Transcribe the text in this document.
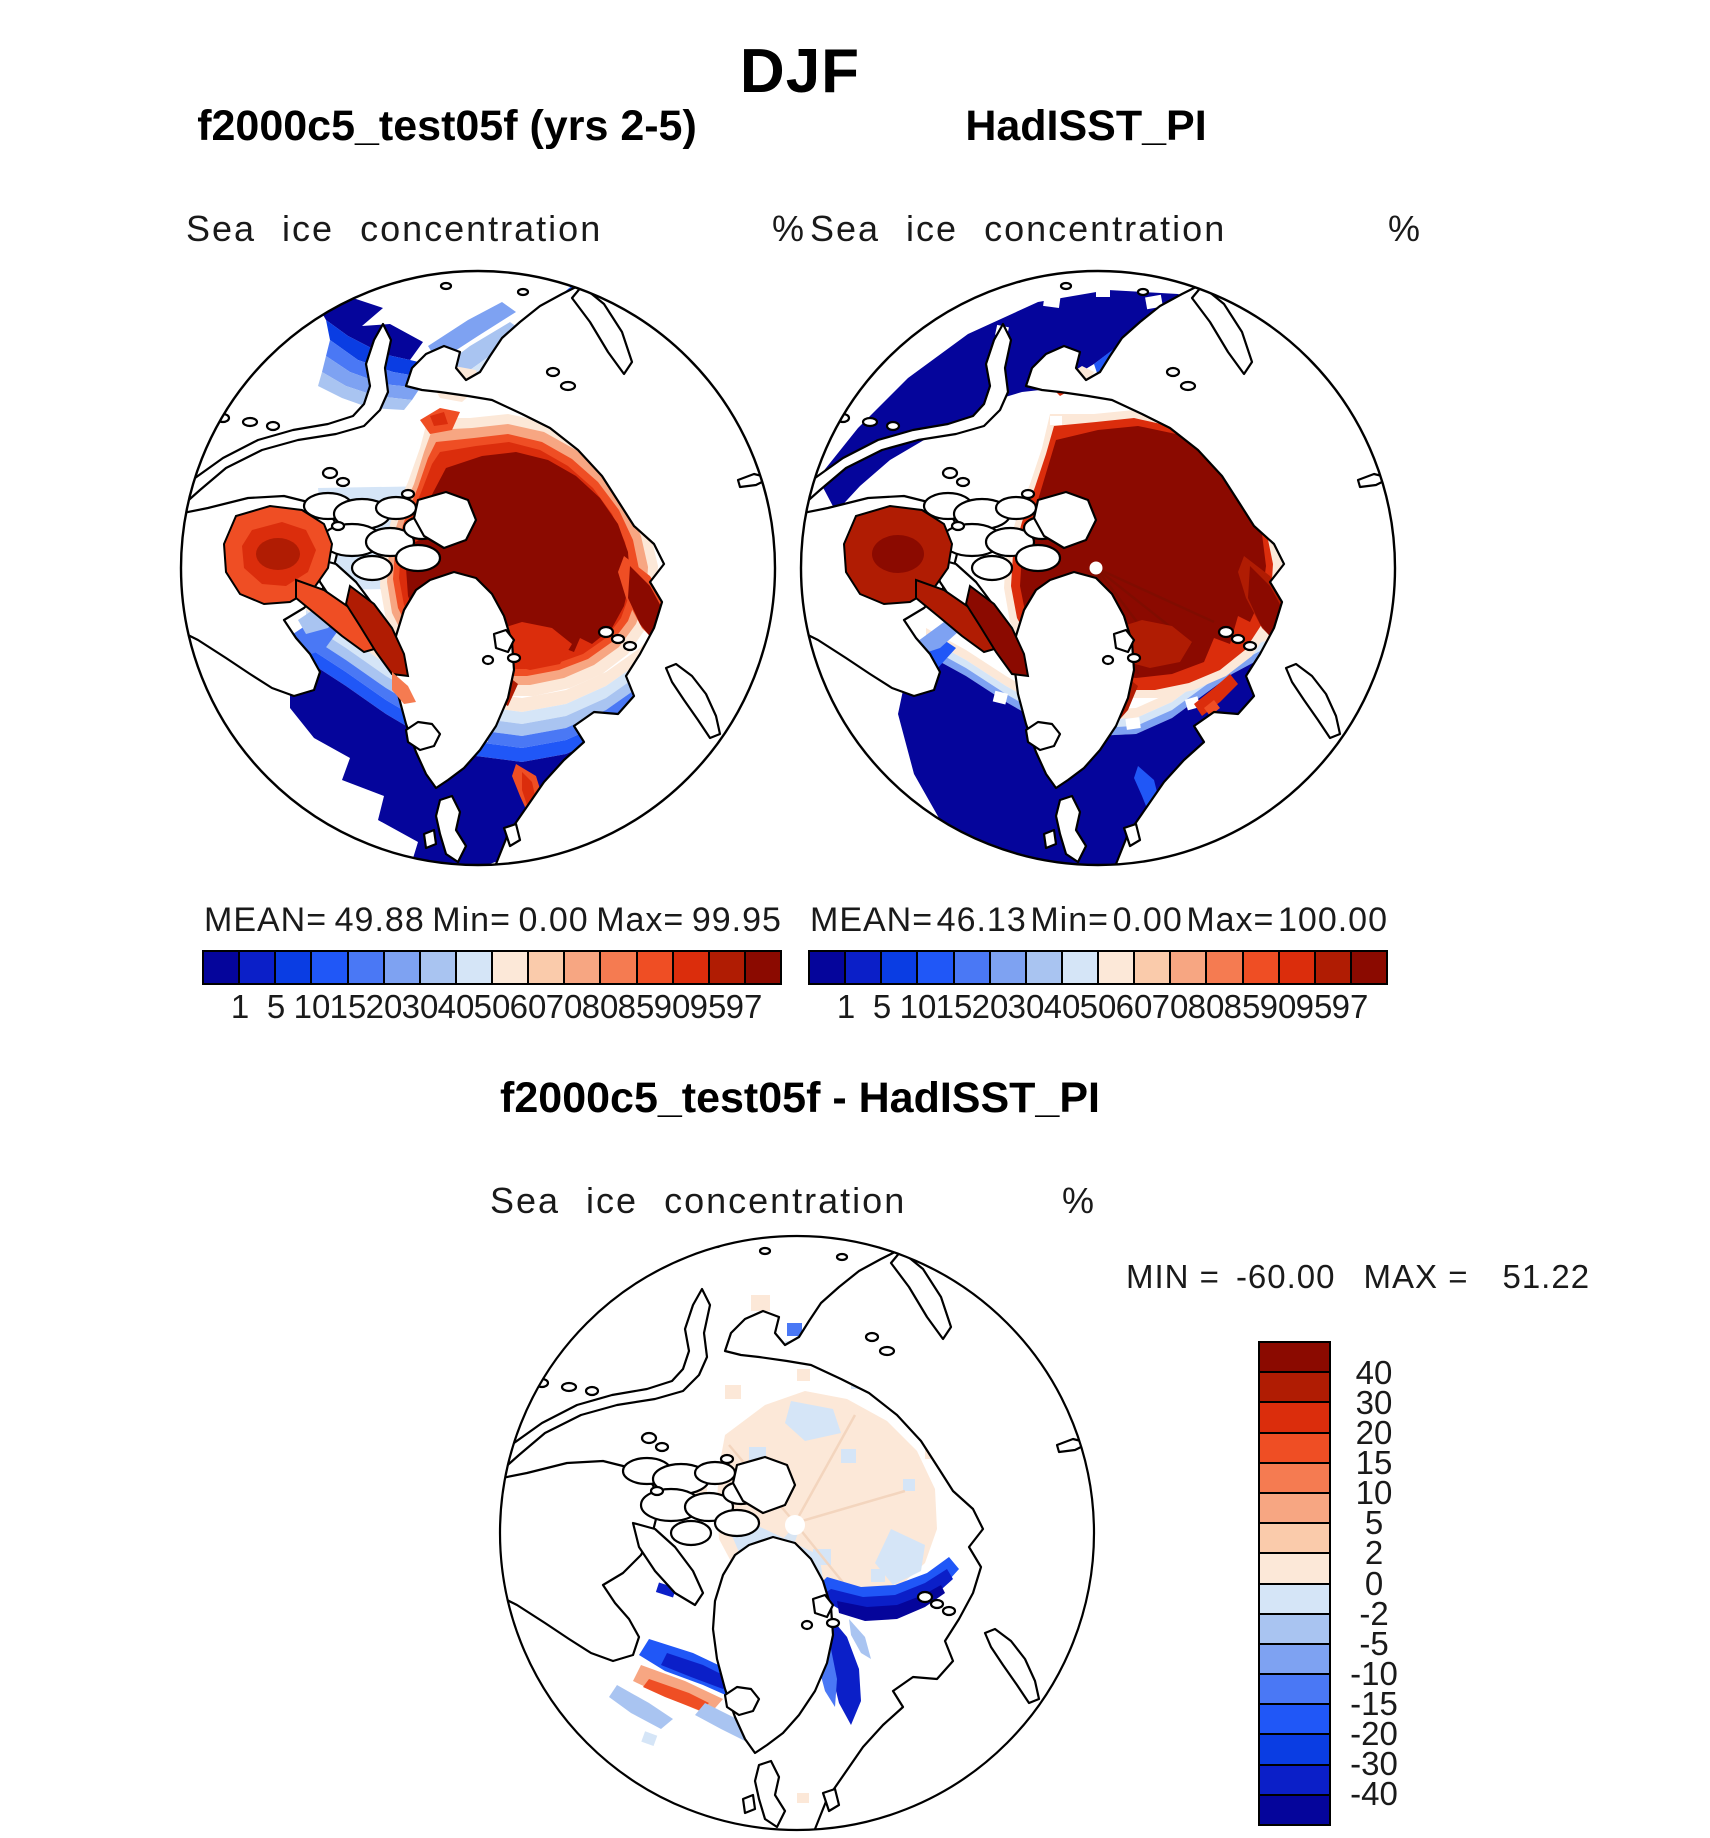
DJF
f2000c5_test05f (yrs 2-5)	HadISST_PI
Sea ice concentration	% Sea ice concentration	%
MEAN= 49.88 Min= 0.00 Max= 99.95 MEAN= 46.13 Min= 0.00 Max= 100.00
1 5 10 15 20 30 40 50 60 70 80 85 90 95 97	1 5 10 15 20 30 40 50 60 70 80 85 90 95 97
f2000c5_test05f - HadISST_PI
Sea ice concentration	%
MIN = -60.00 MAX = 51.22
40
30
20
15
10
5
2
0
-2
-5
-10
-15
-20
-30
-40
